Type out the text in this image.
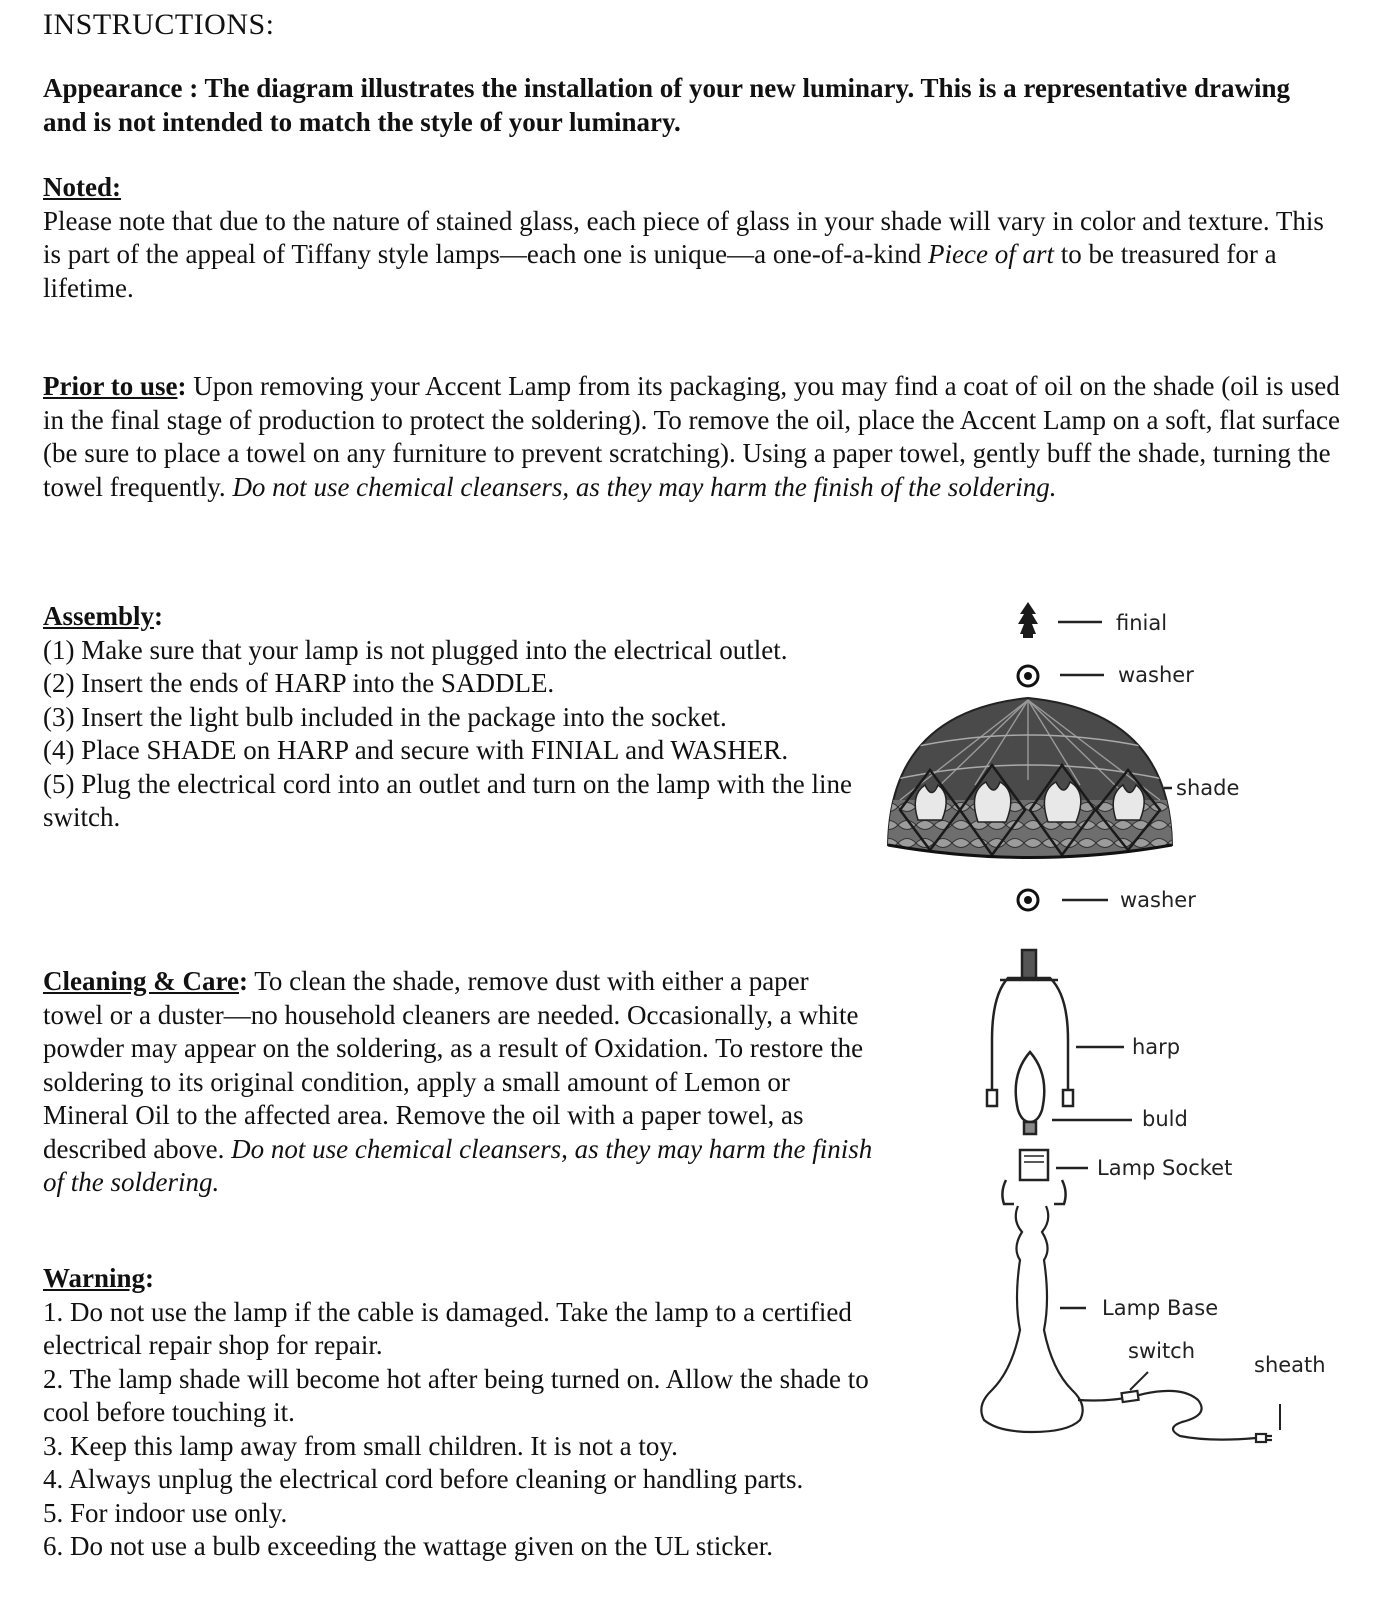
INSTRUCTIONS:

Appearance : The diagram illustrates the installation of your new luminary. This is a representative drawing and is not intended to match the style of your luminary.

Noted:

Please note that due to the nature of stained glass, each piece of glass in your shade will vary in color and texture. This is part of the appeal of Tiffany style lamps—each one is unique—a one-of-a-kind Piece of art to be treasured for a lifetime.

Prior to use: Upon removing your Accent Lamp from its packaging, you may find a coat of oil on the shade (oil is used in the final stage of production to protect the soldering). To remove the oil, place the Accent Lamp on a soft, flat surface (be sure to place a towel on any furniture to prevent scratching). Using a paper towel, gently buff the shade, turning the towel frequently. Do not use chemical cleansers, as they may harm the finish of the soldering.

Assembly:

(1) Make sure that your lamp is not plugged into the electrical outlet.

(2) Insert the ends of HARP into the SADDLE.

(3) Insert the light bulb included in the package into the socket.

(4) Place SHADE on HARP and secure with FINIAL and WASHER.

(5) Plug the electrical cord into an outlet and turn on the lamp with the line switch.

Cleaning & Care: To clean the shade, remove dust with either a paper towel or a duster—no household cleaners are needed. Occasionally, a white powder may appear on the soldering, as a result of Oxidation. To restore the soldering to its original condition, apply a small amount of Lemon or Mineral Oil to the affected area. Remove the oil with a paper towel, as described above. Do not use chemical cleansers, as they may harm the finish of the soldering.

Warning:

1. Do not use the lamp if the cable is damaged. Take the lamp to a certified electrical repair shop for repair.

2. The lamp shade will become hot after being turned on. Allow the shade to cool before touching it.

3. Keep this lamp away from small children. It is not a toy.

4. Always unplug the electrical cord before cleaning or handling parts.

5. For indoor use only.

6. Do not use a bulb exceeding the wattage given on the UL sticker.

finial
washer
shade
washer
harp
buld
Lamp Socket
Lamp Base
switch
sheath
